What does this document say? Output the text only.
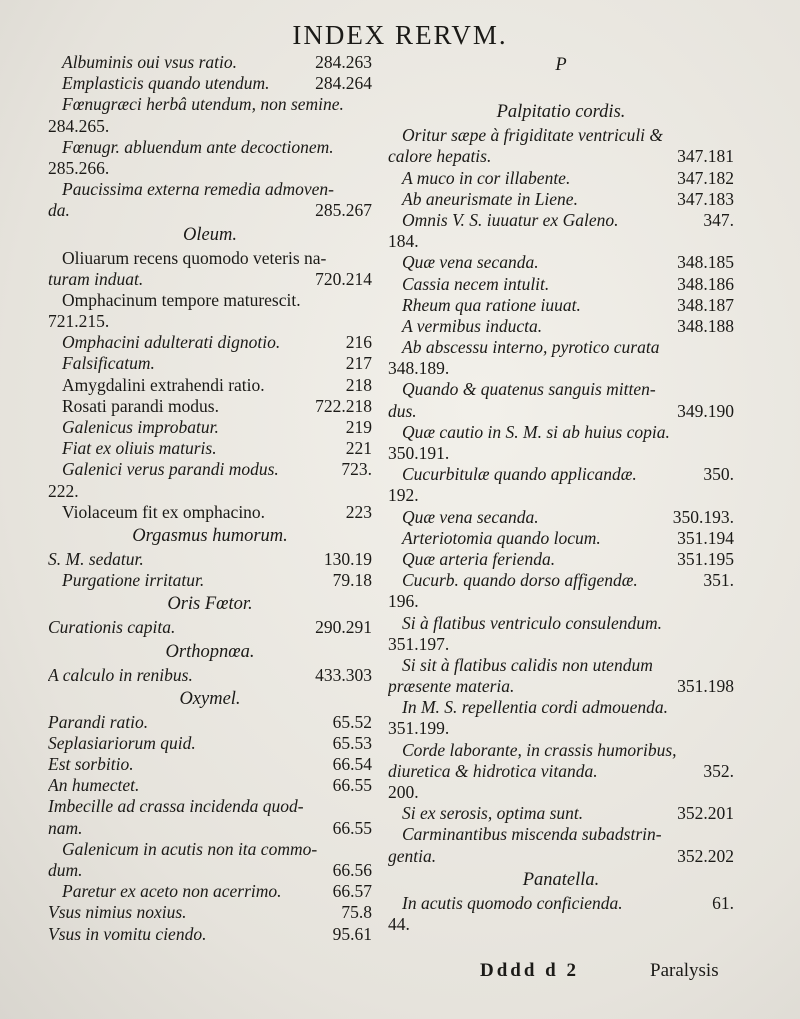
INDEX RERVM.
Albuminis oui vsus ratio.	284.263
Emplasticis quando utendum.	284.264
Fœnugræci herbâ utendum, non semine.
284.265.
Fœnugr. abluendum ante decoctionem.
285.266.
Paucissima externa remedia admoven-
da.	285.267
Oleum.
Oliuarum recens quomodo veteris na-
turam induat.	720.214
Omphacinum tempore maturescit.
721.215.
Omphacini adulterati dignotio.	216
Falsificatum.	217
Amygdalini extrahendi ratio.	218
Rosati parandi modus.	722.218
Galenicus improbatur.	219
Fiat ex oliuis maturis.	221
Galenici verus parandi modus.	723.
222.
Violaceum fit ex omphacino.	223
Orgasmus humorum.
S. M. sedatur.	130.19
Purgatione irritatur.	79.18
Oris Fœtor.
Curationis capita.	290.291
Orthopnœa.
A calculo in renibus.	433.303
Oxymel.
Parandi ratio.	65.52
Seplasiariorum quid.	65.53
Est sorbitio.	66.54
An humectet.	66.55
Imbecille ad crassa incidenda quod-
nam.	66.55
Galenicum in acutis non ita commo-
dum.	66.56
Paretur ex aceto non acerrimo.	66.57
Vsus nimius noxius.	75.8
Vsus in vomitu ciendo.	95.61
P
Palpitatio cordis.
Oritur sæpe à frigiditate ventriculi &
calore hepatis.	347.181
A muco in cor illabente.	347.182
Ab aneurismate in Liene.	347.183
Omnis V. S. iuuatur ex Galeno.	347.
184.
Quæ vena secanda.	348.185
Cassia necem intulit.	348.186
Rheum qua ratione iuuat.	348.187
A vermibus inducta.	348.188
Ab abscessu interno, pyrotico curata
348.189.
Quando & quatenus sanguis mitten-
dus.	349.190
Quæ cautio in S. M. si ab huius copia.
350.191.
Cucurbitulæ quando applicandæ.	350.
192.
Quæ vena secanda.	350.193.
Arteriotomia quando locum.	351.194
Quæ arteria ferienda.	351.195
Cucurb. quando dorso affigendæ.	351.
196.
Si à flatibus ventriculo consulendum.
351.197.
Si sit à flatibus calidis non utendum
præsente materia.	351.198
In M. S. repellentia cordi admouenda.
351.199.
Corde laborante, in crassis humoribus,
diuretica & hidrotica vitanda.	352.
200.
Si ex serosis, optima sunt.	352.201
Carminantibus miscenda subadstrin-
gentia.	352.202
Panatella.
In acutis quomodo conficienda.	61.
44.
Dddd d 2	Paralysis
